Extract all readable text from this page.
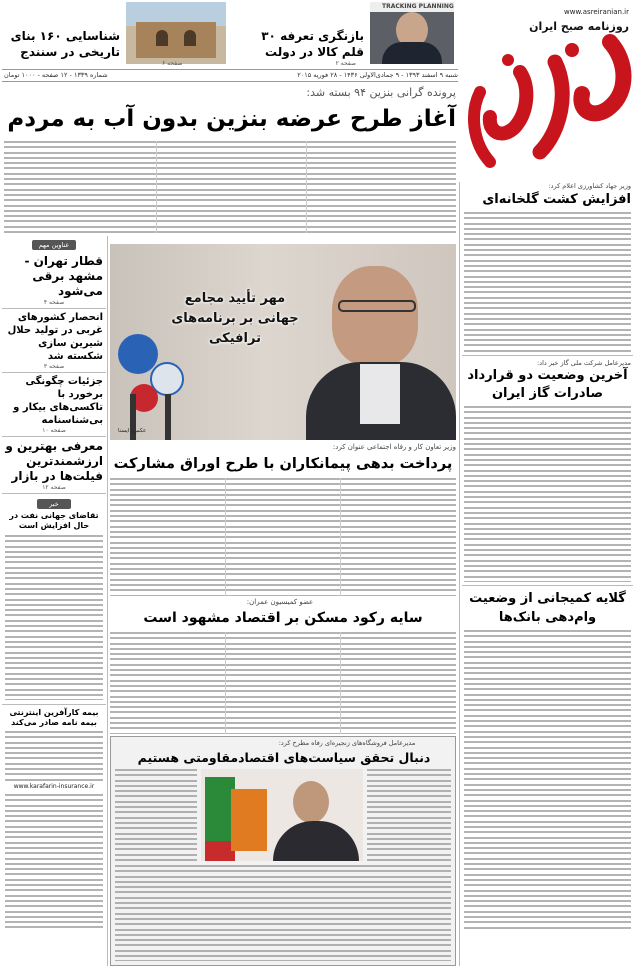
www.asreiranian.ir
روزنامه صبح ایران
TRACKING PLANNING
بازنگری تعرفه ۳۰ قلم کالا در دولت
صفحه ۲
شناسایی ۱۶۰ بنای تاریخی در سنندج
صفحه ۶
شنبه ۹ اسفند ۱۳۹۳ - ۹ جمادی‌الاولی ۱۴۳۶ - ۲۸ فوریه ۲۰۱۵
شماره ۱۳۳۹ - ۱۲ صفحه - ۱۰۰۰ تومان
پرونده گرانی بنزین ۹۴ بسته شد:
آغاز طرح عرضه بنزین بدون آب به مردم
عناوین مهم
قطار تهران - مشهد برقی می‌شود
صفحه ۴
انحصار کشورهای غربی در تولید حلال شیرین سازی شکسته شد
صفحه ۳
جزئیات چگونگی برخورد با تاکسی‌های بیکار و بی‌شناسنامه
صفحه ۱۰
معرفی بهترین و ارزشمندترین فیلت‌ها در بازار
صفحه ۱۲
خبر
تقاضای جهانی نفت در حال افزایش است
بیمه کارآفرین اینترنتی بیمه نامه صادر می‌کند
www.karafarin-insurance.ir
مهر تأیید مجامع جهانی بر برنامه‌های ترافیکی
عکس: ایسنا
وزیر تعاون کار و رفاه اجتماعی عنوان کرد:
پرداخت بدهی پیمانکاران با طرح اوراق مشارکت
عضو کمیسیون عمران:
سایه رکود مسکن بر اقتصاد مشهود است
مدیرعامل فروشگاه‌های زنجیره‌ای رفاه مطرح کرد:
دنبال تحقق سیاست‌های اقتصادمقاومتی هستیم
وزیر جهاد کشاورزی اعلام کرد:
افزایش کشت گلخانه‌ای
مدیرعامل شرکت ملی گاز خبر داد:
آخرین وضعیت دو قرارداد صادرات گاز ایران
گلایه کمیجانی از وضعیت وام‌دهی بانک‌ها
